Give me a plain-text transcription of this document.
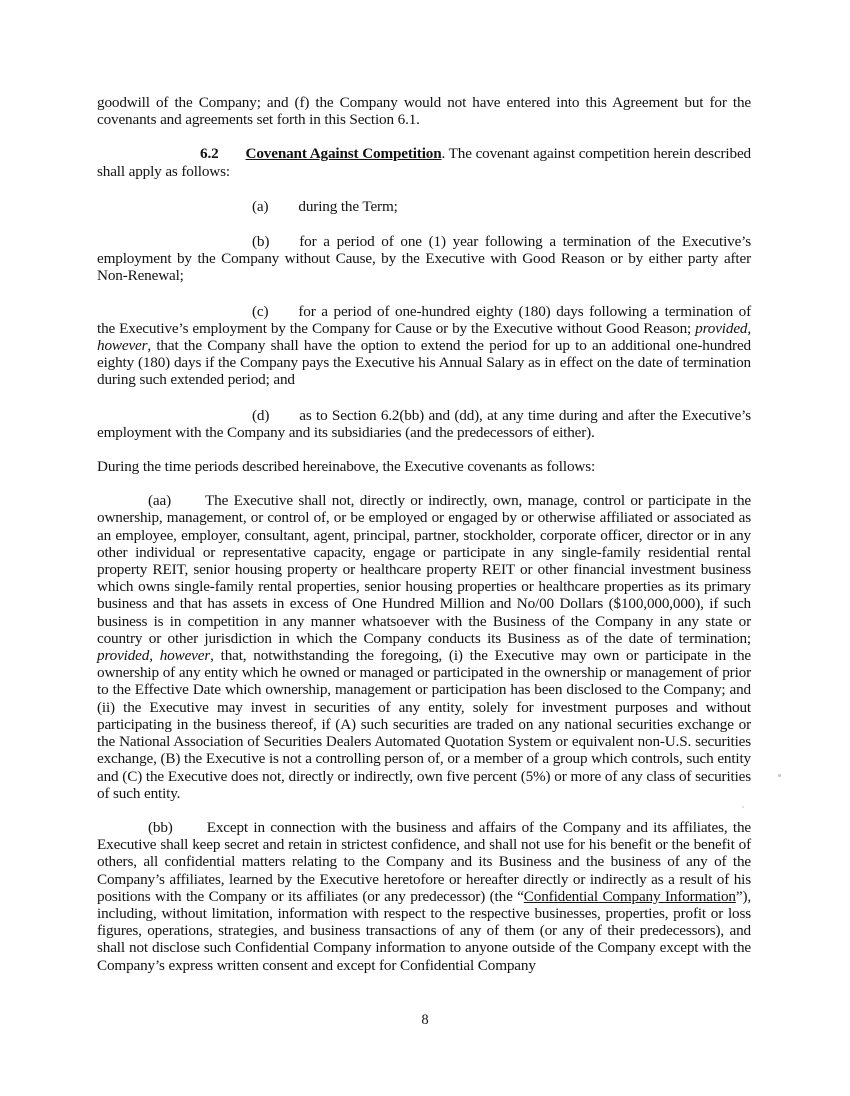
goodwill of the Company; and (f) the Company would not have entered into this Agreement but for the covenants and agreements set forth in this Section 6.1.

6.2 Covenant Against Competition. The covenant against competition herein described shall apply as follows:

(a) during the Term;

(b) for a period of one (1) year following a termination of the Executive’s employment by the Company without Cause, by the Executive with Good Reason or by either party after Non-Renewal;

(c) for a period of one-hundred eighty (180) days following a termination of the Executive’s employment by the Company for Cause or by the Executive without Good Reason; provided, however, that the Company shall have the option to extend the period for up to an additional one-hundred eighty (180) days if the Company pays the Executive his Annual Salary as in effect on the date of termination during such extended period; and

(d) as to Section 6.2(bb) and (dd), at any time during and after the Executive’s employment with the Company and its subsidiaries (and the predecessors of either).

During the time periods described hereinabove, the Executive covenants as follows:

(aa) The Executive shall not, directly or indirectly, own, manage, control or participate in the ownership, management, or control of, or be employed or engaged by or otherwise affiliated or associated as an employee, employer, consultant, agent, principal, partner, stockholder, corporate officer, director or in any other individual or representative capacity, engage or participate in any single-family residential rental property REIT, senior housing property or healthcare property REIT or other financial investment business which owns single-family rental properties, senior housing properties or healthcare properties as its primary business and that has assets in excess of One Hundred Million and No/00 Dollars ($100,000,000), if such business is in competition in any manner whatsoever with the Business of the Company in any state or country or other jurisdiction in which the Company conducts its Business as of the date of termination; provided, however, that, notwithstanding the foregoing, (i) the Executive may own or participate in the ownership of any entity which he owned or managed or participated in the ownership or management of prior to the Effective Date which ownership, management or participation has been disclosed to the Company; and (ii) the Executive may invest in securities of any entity, solely for investment purposes and without participating in the business thereof, if (A) such securities are traded on any national securities exchange or the National Association of Securities Dealers Automated Quotation System or equivalent non-U.S. securities exchange, (B) the Executive is not a controlling person of, or a member of a group which controls, such entity and (C) the Executive does not, directly or indirectly, own five percent (5%) or more of any class of securities of such entity.

(bb) Except in connection with the business and affairs of the Company and its affiliates, the Executive shall keep secret and retain in strictest confidence, and shall not use for his benefit or the benefit of others, all confidential matters relating to the Company and its Business and the business of any of the Company’s affiliates, learned by the Executive heretofore or hereafter directly or indirectly as a result of his positions with the Company or its affiliates (or any predecessor) (the “Confidential Company Information”), including, without limitation, information with respect to the respective businesses, properties, profit or loss figures, operations, strategies, and business transactions of any of them (or any of their predecessors), and shall not disclose such Confidential Company information to anyone outside of the Company except with the Company’s express written consent and except for Confidential Company

8
